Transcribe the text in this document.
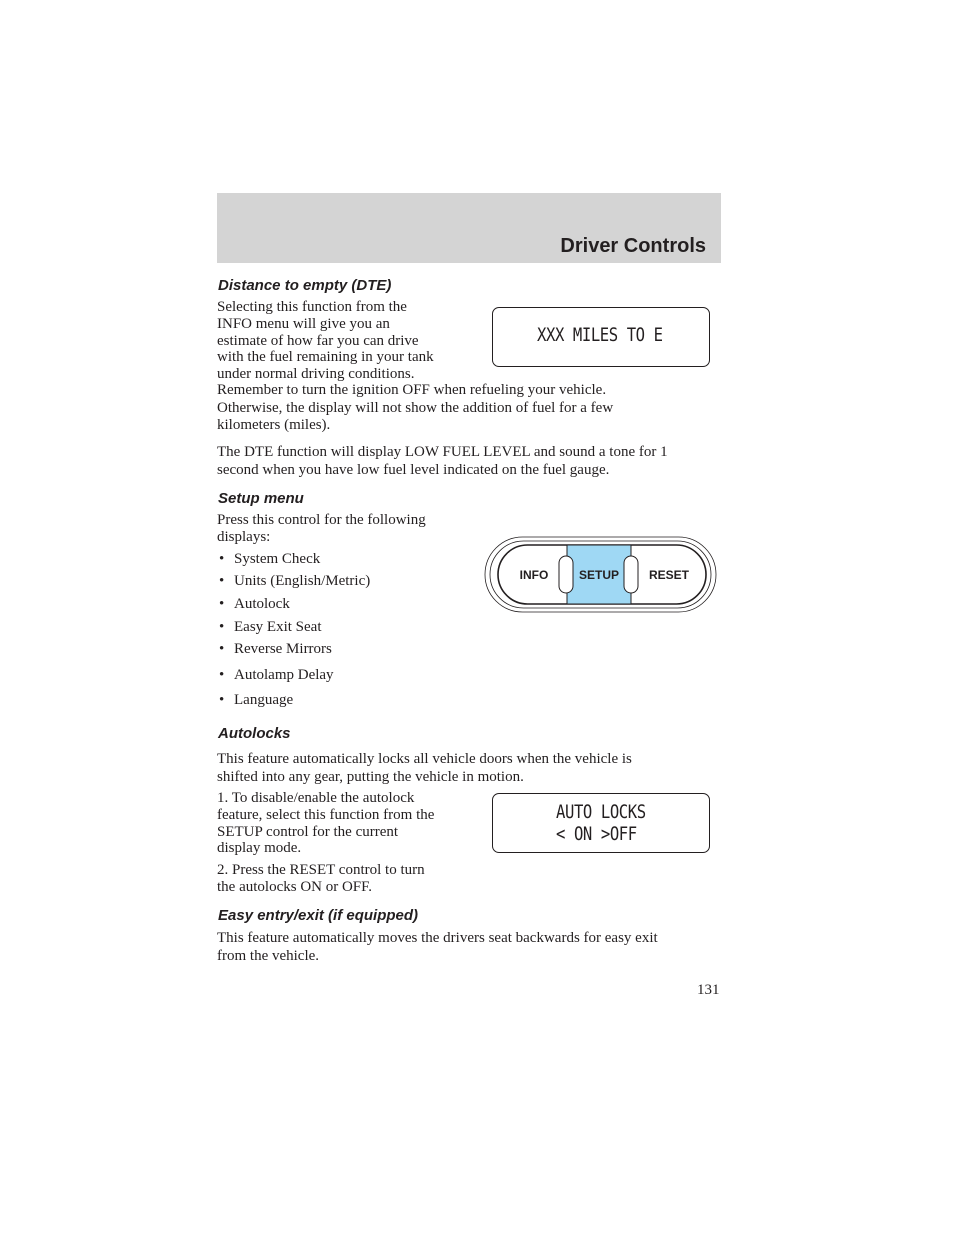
Driver Controls
Distance to empty (DTE)
Selecting this function from the
INFO menu will give you an
estimate of how far you can drive
with the fuel remaining in your tank
under normal driving conditions.
Remember to turn the ignition OFF when refueling your vehicle.
Otherwise, the display will not show the addition of fuel for a few
kilometers (miles).
The DTE function will display LOW FUEL LEVEL and sound a tone for 1
second when you have low fuel level indicated on the fuel gauge.
XXX MILES TO E
Setup menu
Press this control for the following
displays:
• System Check
• Units (English/Metric)
• Autolock
• Easy Exit Seat
• Reverse Mirrors
• Autolamp Delay
• Language
INFO	SETUP RESET
Autolocks
This feature automatically locks all vehicle doors when the vehicle is
shifted into any gear, putting the vehicle in motion.
1. To disable/enable the autolock
feature, select this function from the
SETUP control for the current
display mode.
2. Press the RESET control to turn
the autolocks ON or OFF.
AUTO LOCKS
< ON >OFF
Easy entry/exit (if equipped)
This feature automatically moves the drivers seat backwards for easy exit
from the vehicle.
131
